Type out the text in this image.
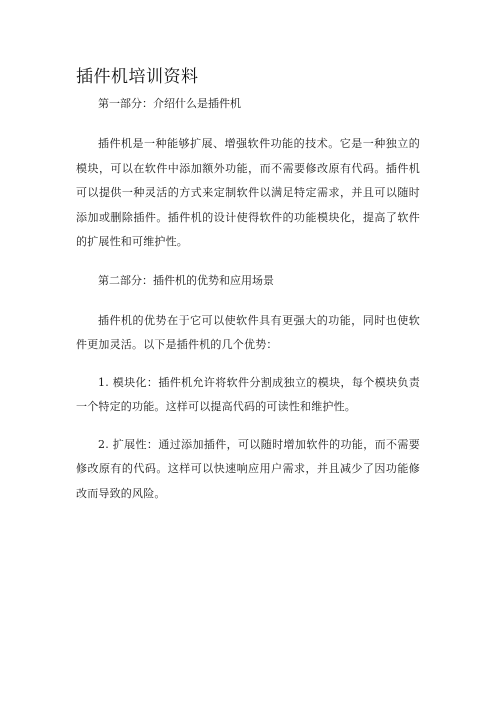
插件机培训资料
第一部分：介绍什么是插件机

插件机是一种能够扩展、增强软件功能的技术。它是一种独立的模块，可以在软件中添加额外功能，而不需要修改原有代码。插件机可以提供一种灵活的方式来定制软件以满足特定需求，并且可以随时添加或删除插件。插件机的设计使得软件的功能模块化，提高了软件的扩展性和可维护性。

第二部分：插件机的优势和应用场景

插件机的优势在于它可以使软件具有更强大的功能，同时也使软件更加灵活。以下是插件机的几个优势：

1. 模块化：插件机允许将软件分割成独立的模块，每个模块负责一个特定的功能。这样可以提高代码的可读性和维护性。

2. 扩展性：通过添加插件，可以随时增加软件的功能，而不需要修改原有的代码。这样可以快速响应用户需求，并且减少了因功能修改而导致的风险。
